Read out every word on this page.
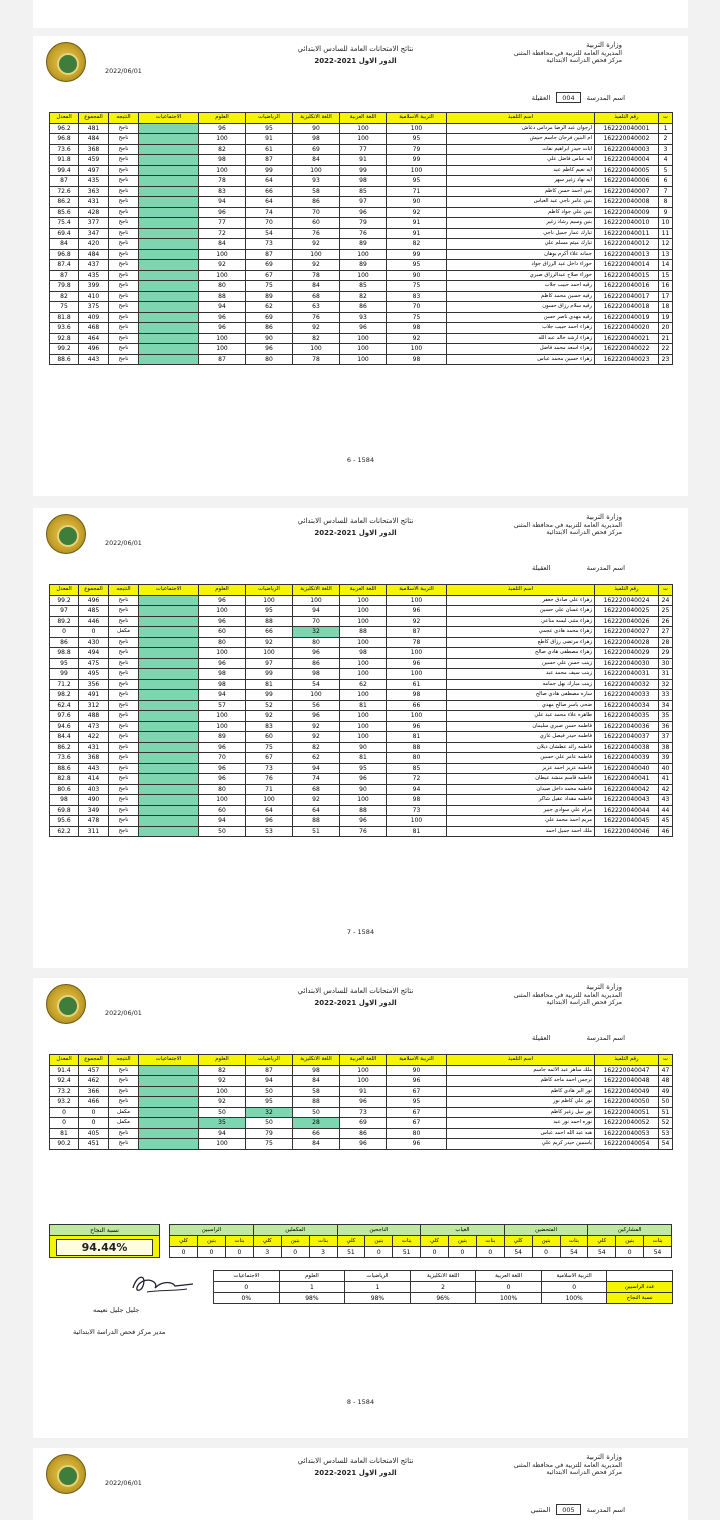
2022/06/01
نتائج الامتحانات العامة للسادس الابتدائي
2022-2021 الدور الاول
وزارة التربية
المديرية العامة للتربية في محافظة المثنى
مركز فحص الدراسة الابتدائية
اسم المدرسة
004
العقيلة
ت	رقم التلميذ	اسم التلميذ	التربية الاسلامية	اللغة العربية	اللغة الانكليزية	الرياضيات	العلوم	الاجتماعيات	النتيجه	المجموع	المعدل
1	162220040001	ارجوان عبد الرضا مرداس دعاش	100	100	90	95	96		ناجح	481	96.2
2	162220040002	ام البنين فرحان جاسم حبيش	95	100	98	91	100		ناجح	484	96.8
3	162220040003	ايات حيدر ابراهيم نفات	79	77	69	61	82		ناجح	368	73.6
4	162220040004	ايه عباس فاضل علي	99	91	84	87	98		ناجح	459	91.8
5	162220040005	ايه نعيم كاظم عبد	100	99	100	99	100		ناجح	497	99.4
6	162220040006	ايه نهاد زغير سهر	95	98	93	64	78		ناجح	435	87
7	162220040007	بنين احمد حسن كاظم	71	85	58	66	83		ناجح	363	72.6
8	162220040008	بنين عامر ناجي عبد العباس	90	97	86	64	94		ناجح	431	86.2
9	162220040009	بنين علي جواد كاظم	92	96	70	74	96		ناجح	428	85.6
10	162220040010	بنين وسيم رشاد زغير	91	79	60	70	77		ناجح	377	75.4
11	162220040011	تبارك عمار جميل ناجي	91	76	76	54	72		ناجح	347	69.4
12	162220040012	تبارك ميثم مسلم علي	82	89	92	73	84		ناجح	420	84
13	162220040013	جمانه علاء أكرم بوهان	99	100	100	87	100		ناجح	484	96.8
14	162220040014	حوراء داخل عبد الرزاق جواد	95	89	92	69	92		ناجح	437	87.4
15	162220040015	حوراء صلاح عبدالرزاق صبري	90	100	78	67	100		ناجح	435	87
16	162220040016	رقيه احمد حبيب جلاب	75	85	84	75	80		ناجح	399	79.8
17	162220040017	رقيه حسين محمد كاظم	83	82	68	89	88		ناجح	410	82
18	162220040018	رقيه سلام رزاق حسون	70	86	63	62	94		ناجح	375	75
19	162220040019	رقيه مهدي ناصر حسن	75	93	76	69	96		ناجح	409	81.8
20	162220040020	زهراء احمد حبيب جلاب	98	96	92	86	96		ناجح	468	93.6
21	162220040021	زهراء ارشد خالد عبد الله	92	100	82	90	100		ناجح	464	92.8
22	162220040022	زهراء اسعد محمد فاضل	100	100	100	96	100		ناجح	496	99.2
23	162220040023	زهراء حسين محمد عباس	98	100	78	80	87		ناجح	443	88.6
6 - 1584
2022/06/01
نتائج الامتحانات العامة للسادس الابتدائي
2022-2021 الدور الاول
وزارة التربية
المديرية العامة للتربية في محافظة المثنى
مركز فحص الدراسة الابتدائية
اسم المدرسة
العقيلة
ت	رقم التلميذ	اسم التلميذ	التربية الاسلامية	اللغة العربية	اللغة الانكليزية	الرياضيات	العلوم	الاجتماعيات	النتيجه	المجموع	المعدل
24	162220040024	زهراء علي صادق جعفر	100	100	100	100	96		ناجح	496	99.2
25	162220040025	زهراء غسان علي حسين	96	100	94	95	100		ناجح	485	97
26	162220040026	زهراء مثنى ليسه مناعي	92	100	70	88	96		ناجح	446	89.2
27	162220040027	زهراء محمد هادي عجمي	87	88	32	66	60		مكمل	0	0
28	162220040028	زهراء مرتضى رزاق كاطع	78	100	80	92	80		ناجح	430	86
29	162220040029	زهراء مصطفى هادي صالح	100	98	96	100	100		ناجح	494	98.8
30	162220040030	زينب حسن علي حسين	96	100	86	97	96		ناجح	475	95
31	162220040031	زينب سيف محمد عبد	100	100	98	99	98		ناجح	495	99
32	162220040032	زينب مبارك بهل جمامه	61	62	54	81	98		ناجح	356	71.2
33	162220040033	ساره مصطفى هادي صالح	98	100	100	99	94		ناجح	491	98.2
34	162220040034	ضحى ياسر صالح مهدي	66	81	56	52	57		ناجح	312	62.4
35	162220040035	طاهره علاء محمد عبد علي	100	100	96	92	100		ناجح	488	97.6
36	162220040036	فاطمه حسن صبري سليمان	96	100	92	83	100		ناجح	473	94.6
37	162220040037	فاطمه حيدر فيصل غازي	81	100	92	60	89		ناجح	422	84.4
38	162220040038	فاطمه رائد عطشان ديلان	88	90	82	75	96		ناجح	431	86.2
39	162220040039	فاطمه عامر علي حسين	80	81	62	67	70		ناجح	368	73.6
40	162220040040	فاطمه عزيز احمد عزيز	85	95	94	73	96		ناجح	443	88.6
41	162220040041	فاطمه قاسم منشد عيطان	72	96	74	76	96		ناجح	414	82.8
42	162220040042	فاطمه محمد داخل صيدان	94	90	68	71	80		ناجح	403	80.6
43	162220040043	فاطمه مقداد عقيل شاكر	98	100	92	100	100		ناجح	490	98
44	162220040044	مرام علي سوادي جبير	73	88	64	64	60		ناجح	349	69.8
45	162220040045	مريم احمد محمد علي	100	96	88	96	94		ناجح	478	95.6
46	162220040046	ملك احمد جميل احمد	81	76	51	53	50		ناجح	311	62.2
7 - 1584
2022/06/01
نتائج الامتحانات العامة للسادس الابتدائي
2022-2021 الدور الاول
وزارة التربية
المديرية العامة للتربية في محافظة المثنى
مركز فحص الدراسة الابتدائية
اسم المدرسة
العقيلة
ت	رقم التلميذ	اسم التلميذ	التربية الاسلامية	اللغة العربية	اللغة الانكليزية	الرياضيات	العلوم	الاجتماعيات	النتيجه	المجموع	المعدل
47	162220040047	ملك ساهر عبد الائمه جاسم	90	100	98	87	82		ناجح	457	91.4
48	162220040048	نرجس احمد ماجد كاظم	96	100	84	94	92		ناجح	462	92.4
49	162220040049	نور البر هادي كاظم	67	91	58	50	100		ناجح	366	73.2
50	162220040050	نور علي كاظم نور	95	96	88	95	92		ناجح	466	93.2
51	162220040051	نور نبيل زغير كاظم	67	73	50	32	50		مكمل	0	0
52	162220040052	نوره احمد نور عبد	67	69	28	50	35		مكمل	0	0
53	162220040053	هبه عبد الله احمد عباس	80	86	66	79	94		ناجح	405	81
54	162220040054	ياسمين حيدر كريم علي	96	96	84	75	100		ناجح	451	90.2
المشاركين			المتحضين			الغياب			الناجحين			المكملين			الراسبين			
بنات	بنين	كلي	بنات	بنين	كلي	بنات	بنين	كلي	بنات	بنين	كلي	بنات	بنين	كلي	بنات	بنين	كلي	
54	0	54	54	0	54	0	0	0	51	0	51	3	0	3	0	0	0	
نسبة النجاح
94.44%
	التربية الاسلامية	اللغة العربية	اللغة الانكليزية	الرياضيات	العلوم	الاجتماعيات
عدد الراسبين	0	0	2	1	1	0
نسبة النجاح	100%	100%	96%	98%	98%	0%
جليل جليل نعيمه
مدير مركز فحص الدراسة الابتدائية
8 - 1584
2022/06/01
نتائج الامتحانات العامة للسادس الابتدائي
2022-2021 الدور الاول
وزارة التربية
المديرية العامة للتربية في محافظة المثنى
مركز فحص الدراسة الابتدائية
اسم المدرسة
005
المتنبي
